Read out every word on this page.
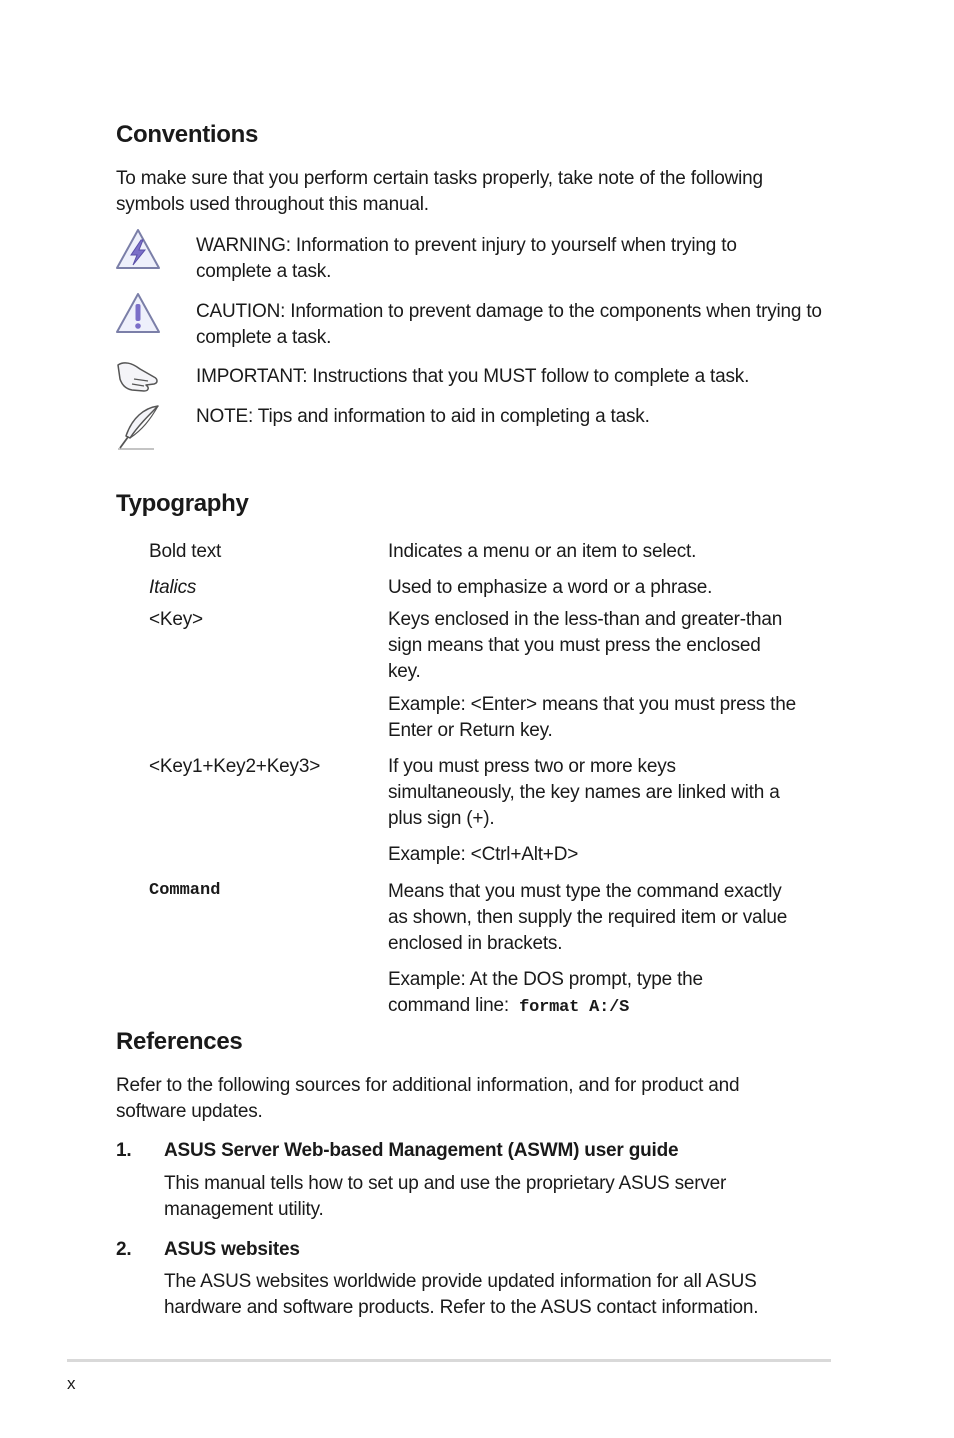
Conventions
To make sure that you perform certain tasks properly, take note of the following symbols used throughout this manual.
WARNING: Information to prevent injury to yourself when trying to complete a task.
CAUTION: Information to prevent damage to the components when trying to complete a task.
IMPORTANT: Instructions that you MUST follow to complete a task.
NOTE: Tips and information to aid in completing a task.
Typography
Bold text	Indicates a menu or an item to select.
Italics	Used to emphasize a word or a phrase.
<Key>	Keys enclosed in the less-than and greater-than sign means that you must press the enclosed key.
Example: <Enter> means that you must press the Enter or Return key.
<Key1+Key2+Key3>	If you must press two or more keys simultaneously, the key names are linked with a plus sign (+).
Example: <Ctrl+Alt+D>
Command	Means that you must type the command exactly as shown, then supply the required item or value enclosed in brackets.
Example: At the DOS prompt, type the command line: format A:/S
References
Refer to the following sources for additional information, and for product and software updates.
1. ASUS Server Web-based Management (ASWM) user guide
This manual tells how to set up and use the proprietary ASUS server management utility.
2. ASUS websites
The ASUS websites worldwide provide updated information for all ASUS hardware and software products. Refer to the ASUS contact information.
x
